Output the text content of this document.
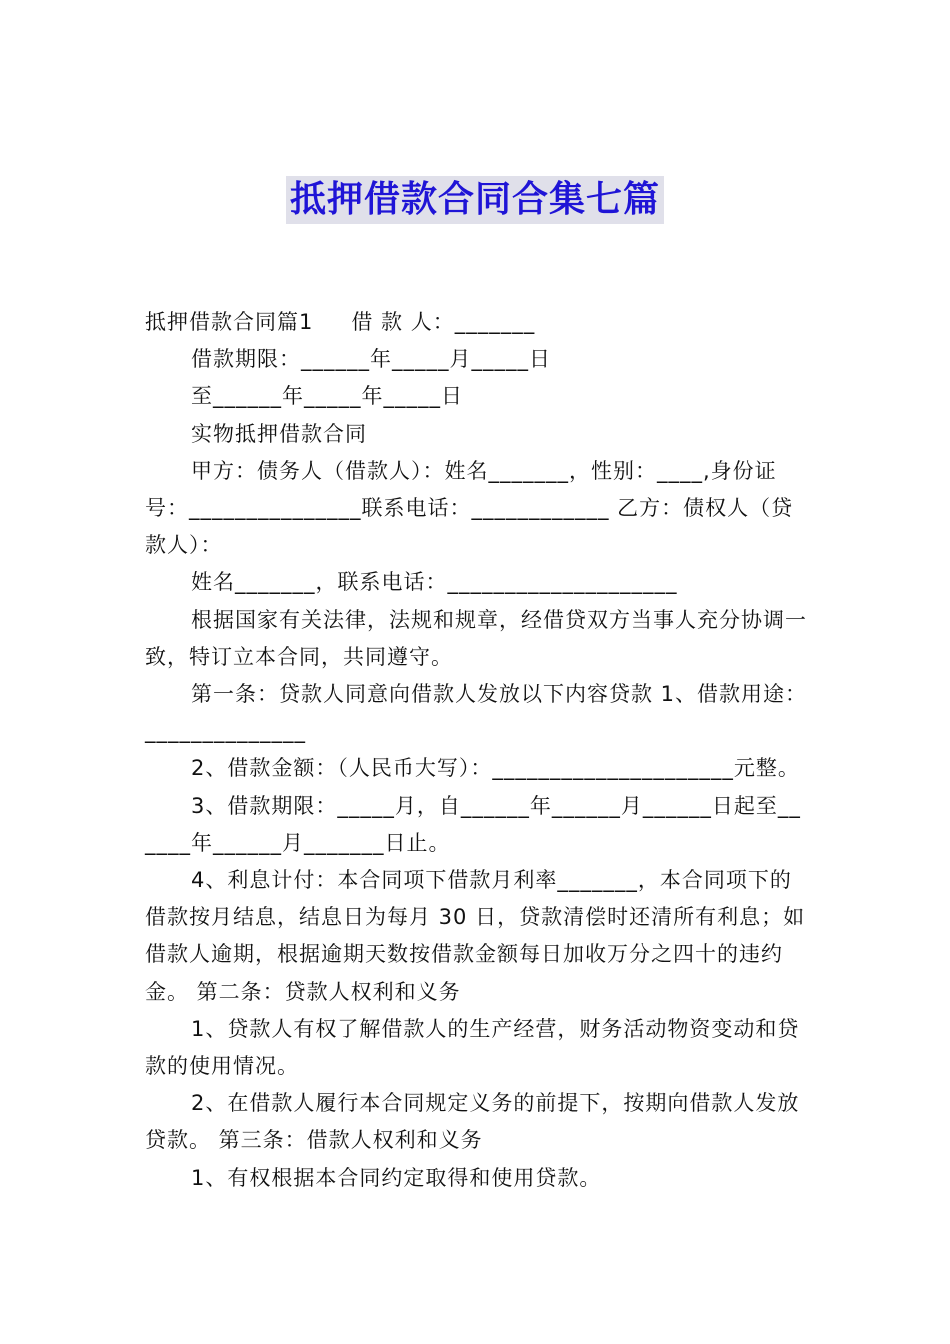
抵押借款合同合集七篇

抵押借款合同篇1 借 款 人：_______

借款期限：______年_____月_____日

至______年_____年_____日

实物抵押借款合同

甲方：债务人（借款人）：姓名_______，性别：____,身份证号：_______________联系电话：____________ 乙方：债权人（贷款人）：

姓名_______，联系电话：____________________

根据国家有关法律，法规和规章，经借贷双方当事人充分协调一致，特订立本合同，共同遵守。

第一条：贷款人同意向借款人发放以下内容贷款 1、借款用途：______________

2、借款金额：（人民币大写）：_____________________元整。

3、借款期限：_____月，自______年______月______日起至______年______月_______日止。

4、利息计付：本合同项下借款月利率_______，本合同项下的借款按月结息，结息日为每月 30 日，贷款清偿时还清所有利息；如借款人逾期，根据逾期天数按借款金额每日加收万分之四十的违约金。 第二条：贷款人权利和义务

1、贷款人有权了解借款人的生产经营，财务活动物资变动和贷款的使用情况。

2、在借款人履行本合同规定义务的前提下，按期向借款人发放贷款。 第三条：借款人权利和义务

1、有权根据本合同约定取得和使用贷款。
